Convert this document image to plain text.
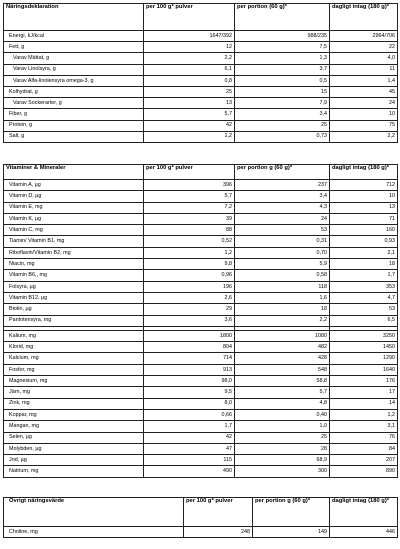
Näringsdeklaration	per 100 g* pulver	per portion (60 g)*	dagligt intag (180 g)*
Energi, kJ/kcal	1647/392	988/235	2964/706
Fett, g	12	7,5	22
Varav Mättat, g	2,2	1,3	4,0
Varav Linolsyra, g	6,1	3,7	11
Varav Alfa-linolensyra omega-3, g	0,8	0,5	1,4
Kolhydrat, g	25	15	45
Varav Sockerarter, g	13	7,9	24
Fiber, g	5,7	3,4	10
Protein, g	42	25	75
Salt, g	1,2	0,73	2,2
Vitaminer & Mineraler	per 100 g* pulver	per portion g (60 g)*	dagligt intag (180 g)*
Vitamin A, µg	396	237	712
Vitamin D, µg	5,7	3,4	10
Vitamin E, mg	7,2	4,3	13
Vitamin K, µg	39	24	71
Vitamin C, mg	88	53	160
Tiamin/ Vitamin B1, mg	0,52	0,31	0,93
Riboflavin/Vitamin B2, mg	1,2	0,70	2,1
Niacin, mg	9,8	5,9	18
Vitamin B6,, mg	0,96	0,58	1,7
Folsyra, µg	196	118	353
Vitamin B12, µg	2,6	1,6	4,7
Biotin, µg	29	18	53
Pantotensyra, mg	3,6	2,2	6,5

Kalium, mg	1800	1080	3250
Klorid, mg	804	482	1450
Kalcium, mg	714	428	1290
Fosfor, mg	913	548	1640
Magnesium, mg	98,0	58,8	176
Järn, mg	9,5	5,7	17
Zink, mg	8,0	4,8	14
Koppar, mg	0,66	0,40	1,2
Mangan, mg	1,7	1,0	3,1
Selen, µg	42	25	76
Molybden, µg	47	28	84
Jod, µg	115	68,9	207
Natrium, mg	490	300	890
Övrigt näringsvärde	per 100 g* pulver	per portion g (60 g)*	dagligt intag (180 g)*
Choline, mg	248	149	446
